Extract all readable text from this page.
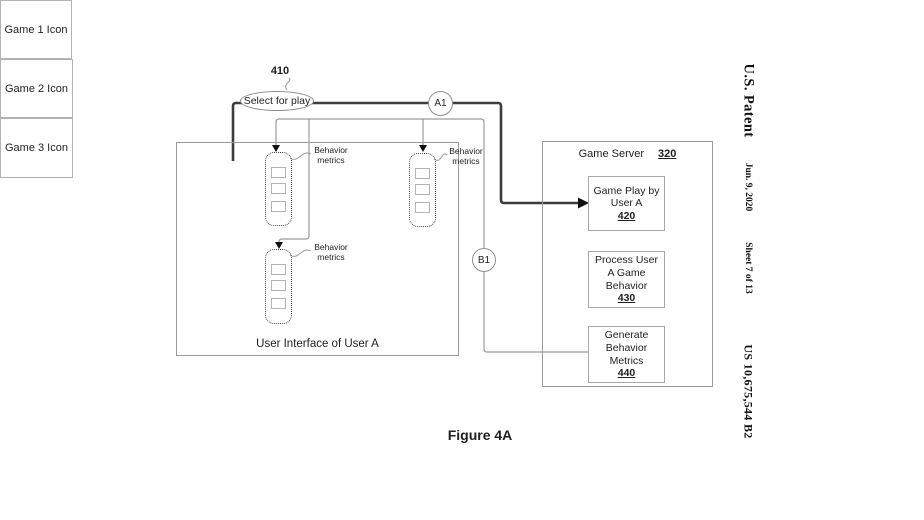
410
Select for play	A1
B1
User Interface of User A
Game 1 Icon
Game 2 Icon
Game 3 Icon	Behavior
metrics
Behavior
metrics
Behavior
metrics
Game Server 320
Game Play by
User A
420
Process User
A Game
Behavior
430
Generate
Behavior
Metrics
440
Figure 4A
U.S. Patent
Jun. 9, 2020
Sheet 7 of 13
US 10,675,544 B2
